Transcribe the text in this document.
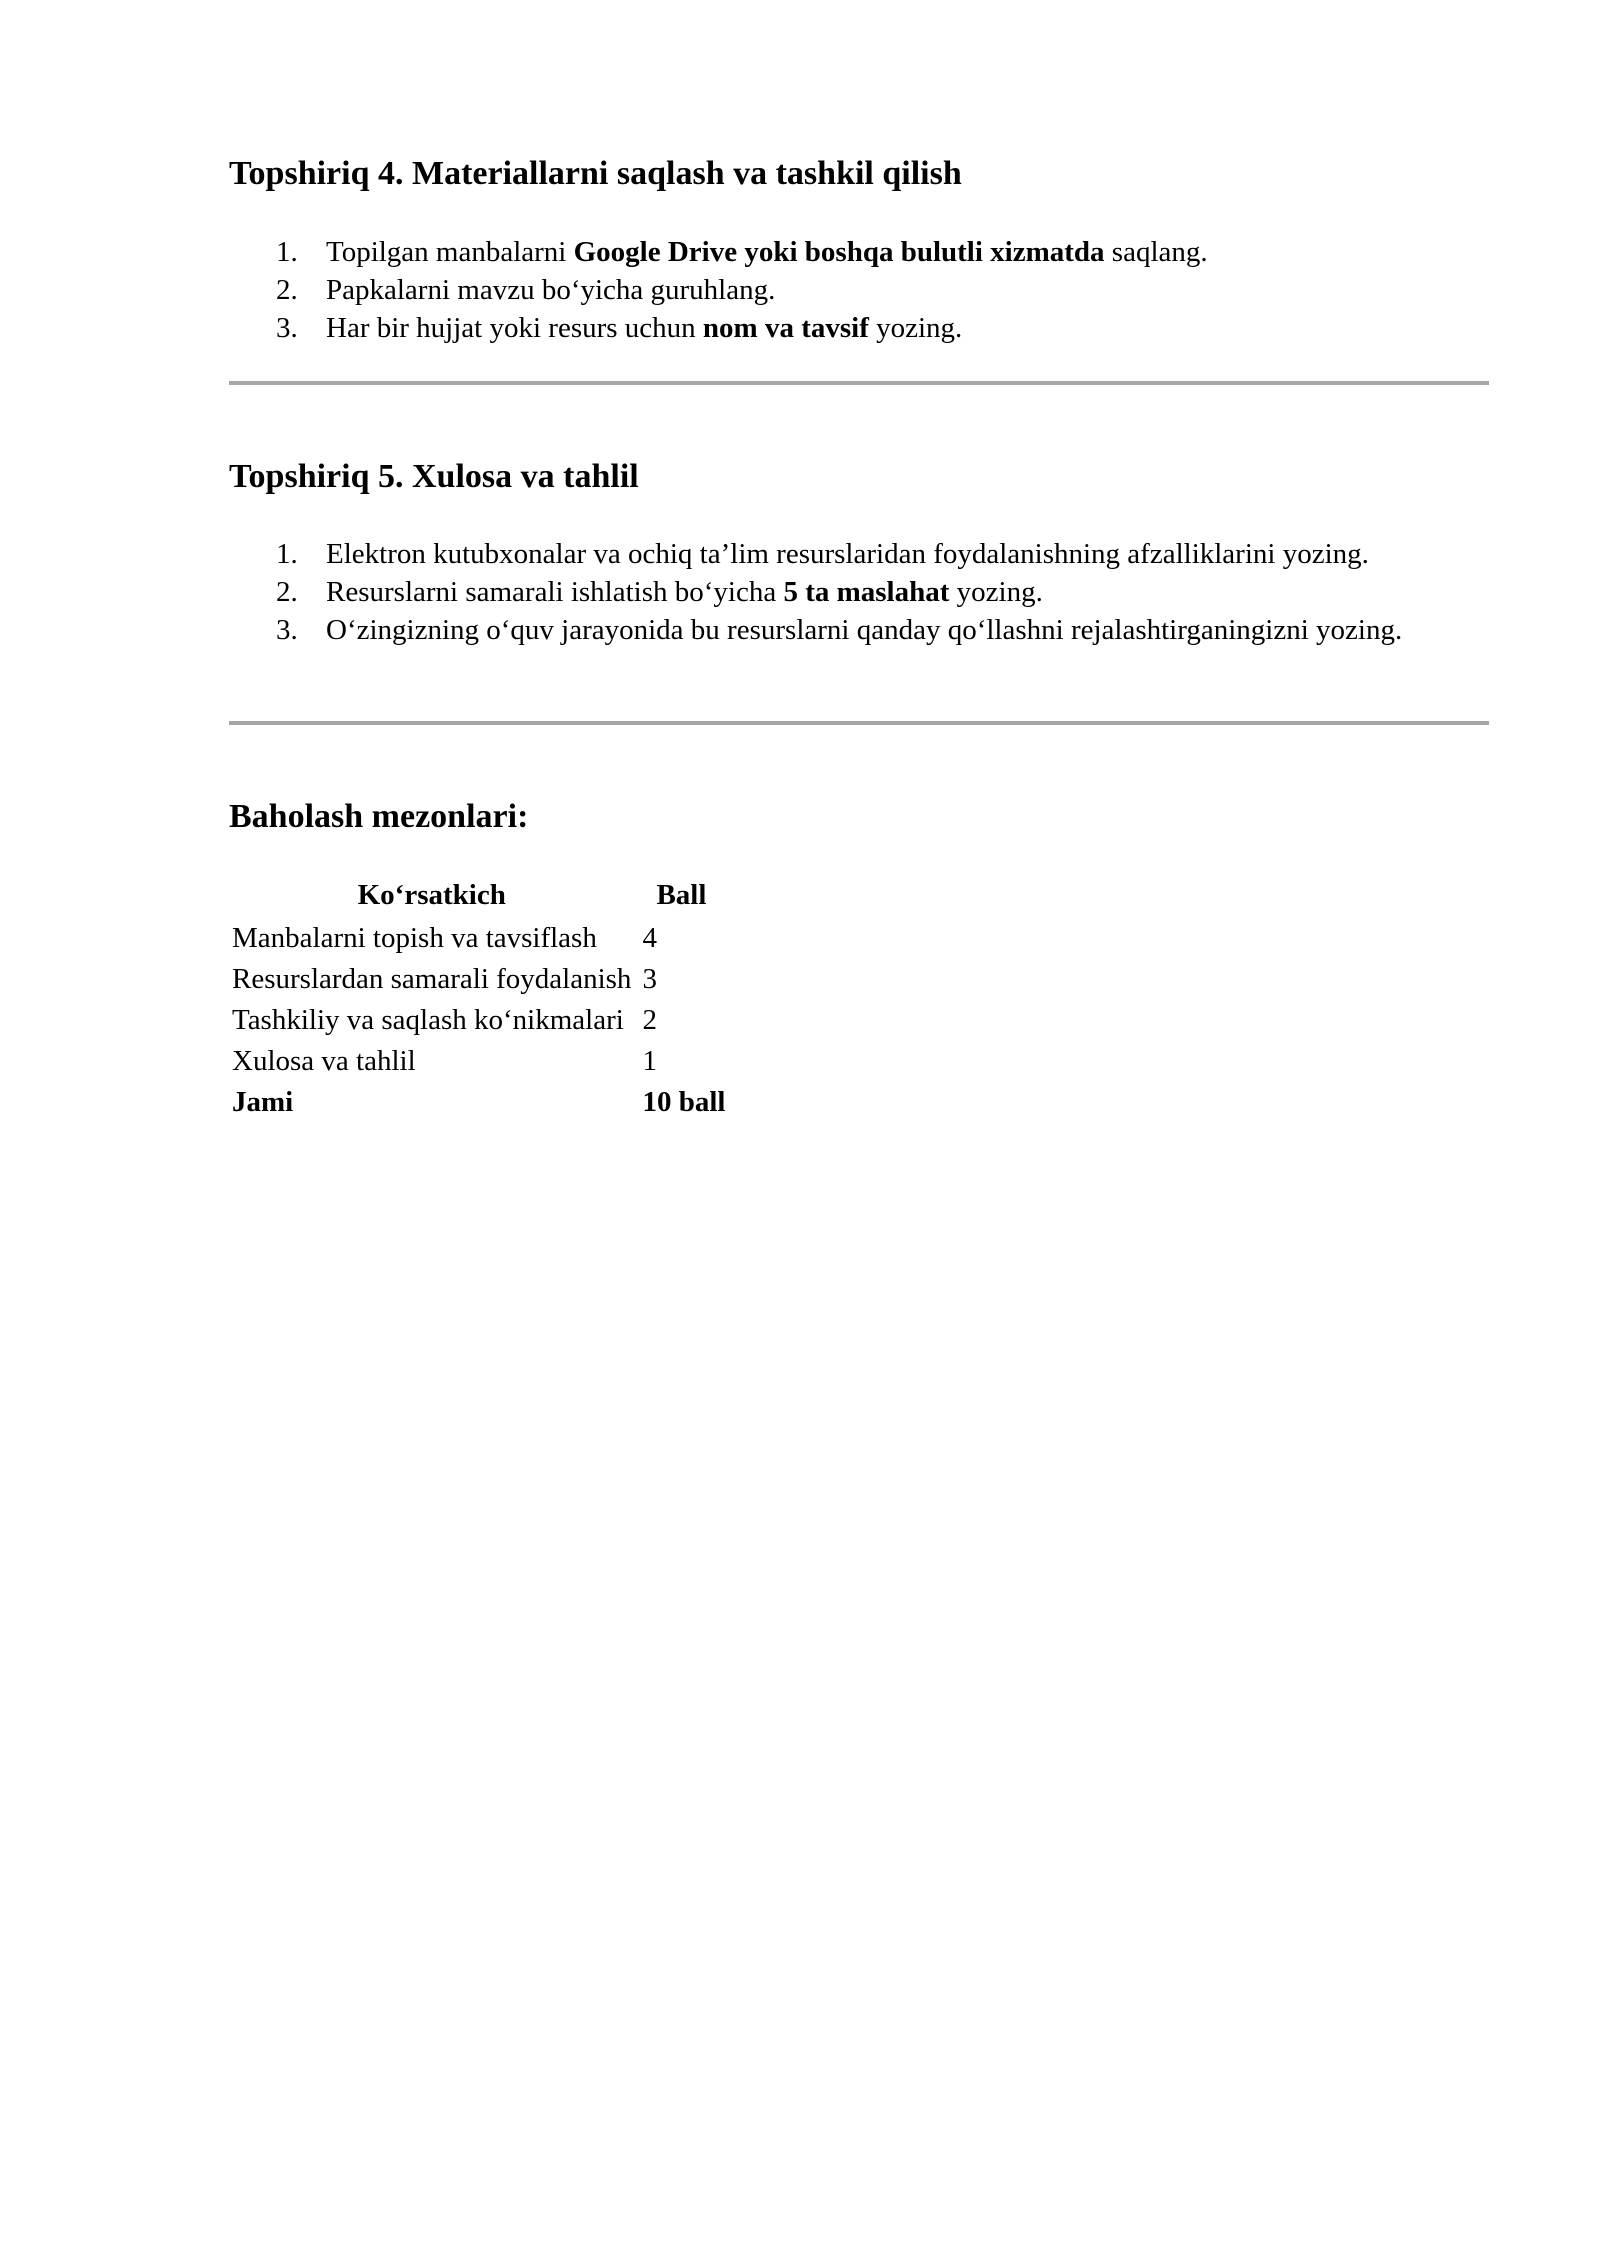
Topshiriq 4. Materiallarni saqlash va tashkil qilish
1. Topilgan manbalarni Google Drive yoki boshqa bulutli xizmatda saqlang.
2. Papkalarni mavzu bo‘yicha guruhlang.
3. Har bir hujjat yoki resurs uchun nom va tavsif yozing.
Topshiriq 5. Xulosa va tahlil
1. Elektron kutubxonalar va ochiq ta’lim resurslaridan foydalanishning afzalliklarini yozing.
2. Resurslarni samarali ishlatish bo‘yicha 5 ta maslahat yozing.
3. O‘zingizning o‘quv jarayonida bu resurslarni qanday qo‘llashni rejalashtirganingizni yozing.
Baholash mezonlari:
Ko‘rsatkich	Ball
Manbalarni topish va tavsiflash	4
Resurslardan samarali foydalanish	3
Tashkiliy va saqlash ko‘nikmalari	2
Xulosa va tahlil	1
Jami	10 ball
